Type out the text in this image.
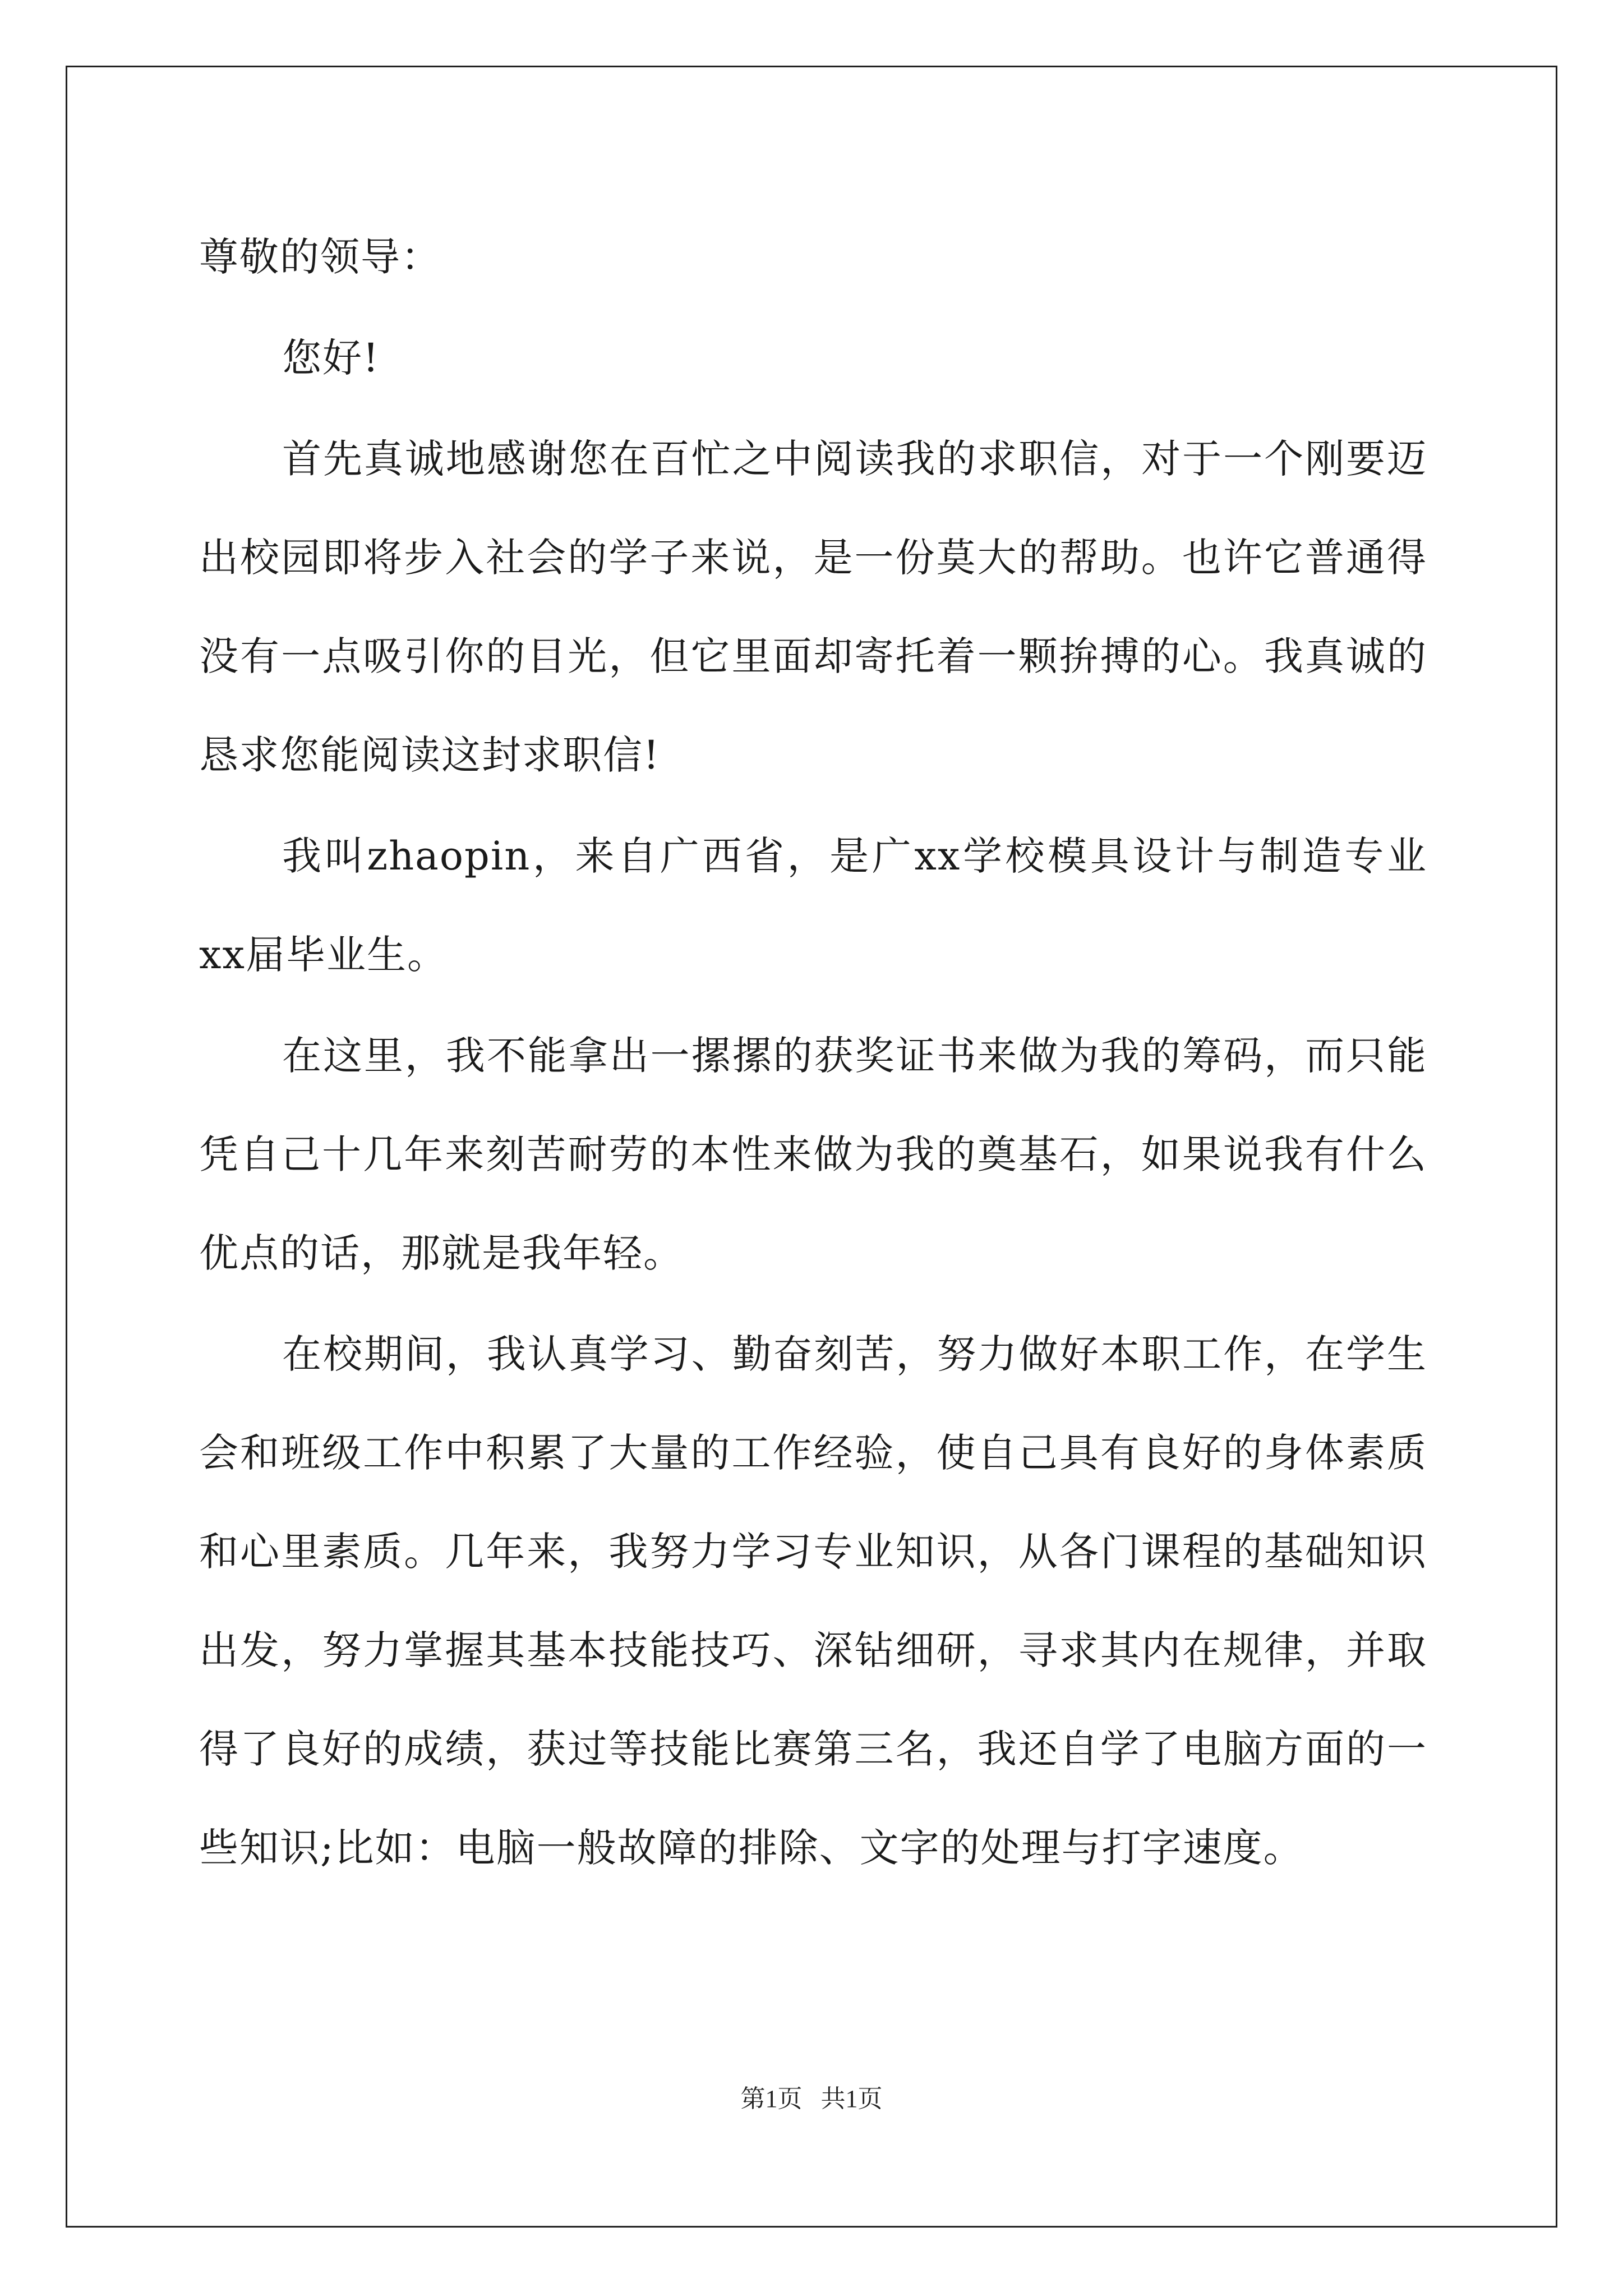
尊敬的领导：

您好!

首先真诚地感谢您在百忙之中阅读我的求职信，对于一个刚要迈出校园即将步入社会的学子来说，是一份莫大的帮助。也许它普通得没有一点吸引你的目光，但它里面却寄托着一颗拚搏的心。我真诚的恳求您能阅读这封求职信!

我叫zhaopin，来自广西省，是广xx学校模具设计与制造专业xx届毕业生。

在这里，我不能拿出一摞摞的获奖证书来做为我的筹码，而只能凭自己十几年来刻苦耐劳的本性来做为我的奠基石，如果说我有什么优点的话，那就是我年轻。

在校期间，我认真学习、勤奋刻苦，努力做好本职工作，在学生会和班级工作中积累了大量的工作经验，使自己具有良好的身体素质和心里素质。几年来，我努力学习专业知识，从各门课程的基础知识出发，努力掌握其基本技能技巧、深钻细研，寻求其内在规律，并取得了良好的成绩，获过等技能比赛第三名，我还自学了电脑方面的一些知识;比如：电脑一般故障的排除、文字的处理与打字速度。

第1页   共1页
